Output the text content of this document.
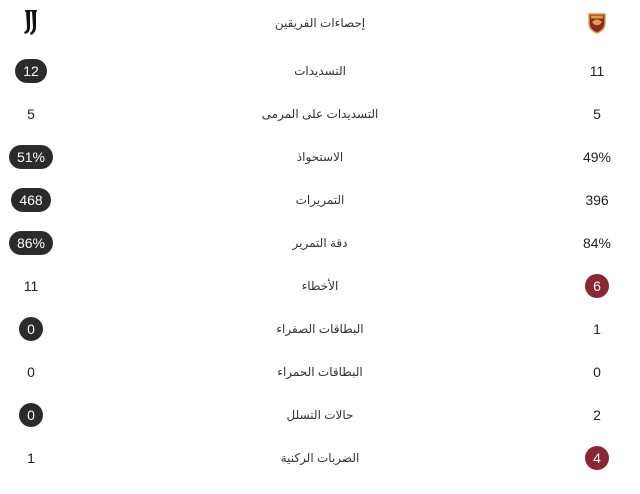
إحصاءات الفريقين
12	التسديدات	11
5	التسديدات على المرمى	5
51%	الاستحواذ	49%
468	التمريرات	396
86%	دقة التمرير	84%
11	الأخطاء	6
0	البطاقات الصفراء	1
0	البطاقات الحمراء	0
0	حالات التسلل	2
1	الضربات الركنية	4
